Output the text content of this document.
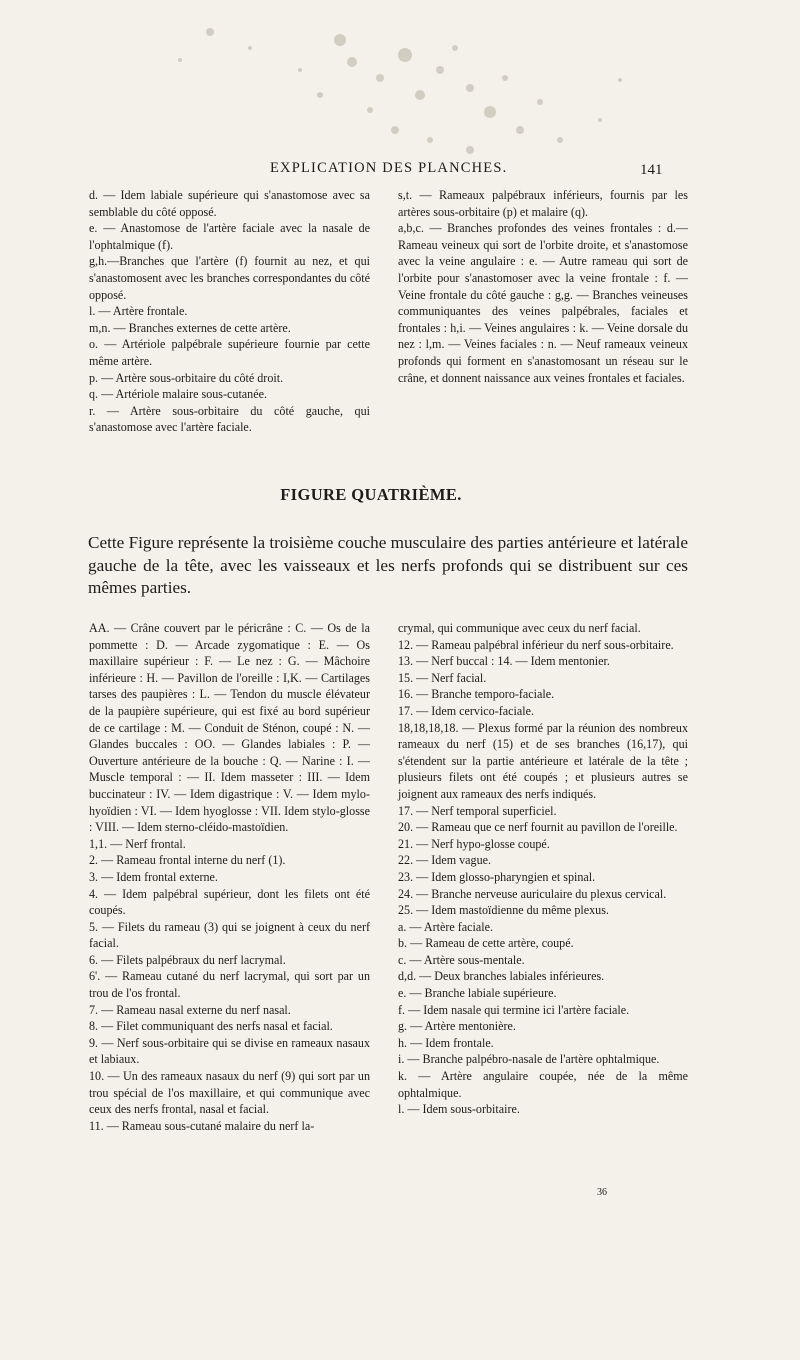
EXPLICATION DES PLANCHES.	141

d. — Idem labiale supérieure qui s'anastomose avec sa semblable du côté opposé.

e. — Anastomose de l'artère faciale avec la nasale de l'ophtalmique (f).

g,h.—Branches que l'artère (f) fournit au nez, et qui s'anastomosent avec les branches correspondantes du côté opposé.

l. — Artère frontale.

m,n. — Branches externes de cette artère.

o. — Artériole palpébrale supérieure fournie par cette même artère.

p. — Artère sous-orbitaire du côté droit.

q. — Artériole malaire sous-cutanée.

r. — Artère sous-orbitaire du côté gauche, qui s'anastomose avec l'artère faciale.

s,t. — Rameaux palpébraux inférieurs, fournis par les artères sous-orbitaire (p) et malaire (q).

a,b,c. — Branches profondes des veines frontales : d.—Rameau veineux qui sort de l'orbite droite, et s'anastomose avec la veine angulaire : e. — Autre rameau qui sort de l'orbite pour s'anastomoser avec la veine frontale : f. — Veine frontale du côté gauche : g,g. — Branches veineuses communiquantes des veines palpébrales, faciales et frontales : h,i. — Veines angulaires : k. — Veine dorsale du nez : l,m. — Veines faciales : n. — Neuf rameaux veineux profonds qui forment en s'anastomosant un réseau sur le crâne, et donnent naissance aux veines frontales et faciales.

FIGURE QUATRIÈME.

Cette Figure représente la troisième couche musculaire des parties antérieure et latérale gauche de la tête, avec les vaisseaux et les nerfs profonds qui se distribuent sur ces mêmes parties.

AA. — Crâne couvert par le péricrâne : C. — Os de la pommette : D. — Arcade zygomatique : E. — Os maxillaire supérieur : F. — Le nez : G. — Mâchoire inférieure : H. — Pavillon de l'oreille : I,K. — Cartilages tarses des paupières : L. — Tendon du muscle élévateur de la paupière supérieure, qui est fixé au bord supérieur de ce cartilage : M. — Conduit de Sténon, coupé : N. — Glandes buccales : OO. — Glandes labiales : P. — Ouverture antérieure de la bouche : Q. — Narine : I. — Muscle temporal : — II. Idem masseter : III. — Idem buccinateur : IV. — Idem digastrique : V. — Idem mylo-hyoïdien : VI. — Idem hyoglosse : VII. Idem stylo-glosse : VIII. — Idem sterno-cléido-mastoïdien.

1,1. — Nerf frontal.

2. — Rameau frontal interne du nerf (1).

3. — Idem frontal externe.

4. — Idem palpébral supérieur, dont les filets ont été coupés.

5. — Filets du rameau (3) qui se joignent à ceux du nerf facial.

6. — Filets palpébraux du nerf lacrymal.

6'. — Rameau cutané du nerf lacrymal, qui sort par un trou de l'os frontal.

7. — Rameau nasal externe du nerf nasal.

8. — Filet communiquant des nerfs nasal et facial.

9. — Nerf sous-orbitaire qui se divise en rameaux nasaux et labiaux.

10. — Un des rameaux nasaux du nerf (9) qui sort par un trou spécial de l'os maxillaire, et qui communique avec ceux des nerfs frontal, nasal et facial.

11. — Rameau sous-cutané malaire du nerf la-

crymal, qui communique avec ceux du nerf facial.

12. — Rameau palpébral inférieur du nerf sous-orbitaire.

13. — Nerf buccal : 14. — Idem mentonier.

15. — Nerf facial.

16. — Branche temporo-faciale.

17. — Idem cervico-faciale.

18,18,18,18. — Plexus formé par la réunion des nombreux rameaux du nerf (15) et de ses branches (16,17), qui s'étendent sur la partie antérieure et latérale de la tête ; plusieurs filets ont été coupés ; et plusieurs autres se joignent aux rameaux des nerfs indiqués.

17. — Nerf temporal superficiel.

20. — Rameau que ce nerf fournit au pavillon de l'oreille.

21. — Nerf hypo-glosse coupé.

22. — Idem vague.

23. — Idem glosso-pharyngien et spinal.

24. — Branche nerveuse auriculaire du plexus cervical.

25. — Idem mastoïdienne du même plexus.

a. — Artère faciale.

b. — Rameau de cette artère, coupé.

c. — Artère sous-mentale.

d,d. — Deux branches labiales inférieures.

e. — Branche labiale supérieure.

f. — Idem nasale qui termine ici l'artère faciale.

g. — Artère mentonière.

h. — Idem frontale.

i. — Branche palpébro-nasale de l'artère ophtalmique.

k. — Artère angulaire coupée, née de la même ophtalmique.

l. — Idem sous-orbitaire.

36
